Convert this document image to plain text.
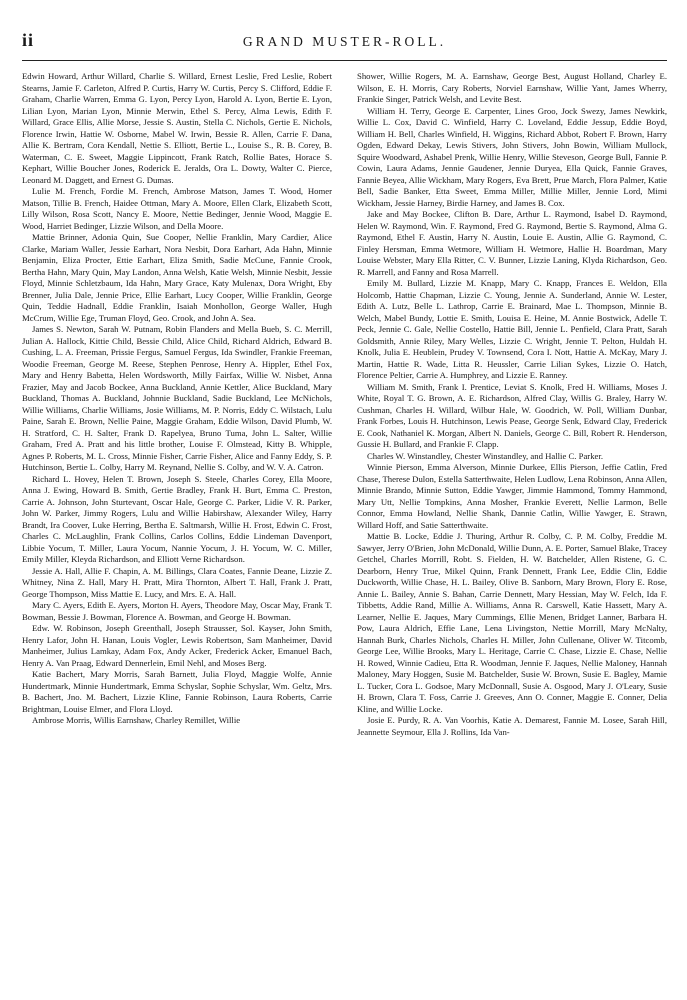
ii	GRAND MUSTER-ROLL.

Edwin Howard, Arthur Willard, Charlie S. Willard, Ernest Leslie, Fred Leslie, Robert Stearns, Jamie F. Carleton, Alfred P. Curtis, Harry W. Curtis, Percy S. Clifford, Eddie F. Graham, Charlie Warren, Emma G. Lyon, Percy Lyon, Harold A. Lyon, Bertie E. Lyon, Lilian Lyon, Marian Lyon, Minnie Merwin, Ethel S. Percy, Alma Lewis, Edith F. Willard, Grace Ellis, Allie Morse, Jessie S. Austin, Stella C. Nichols, Gertie E. Nichols, Florence Irwin, Hattie W. Osborne, Mabel W. Irwin, Bessie R. Allen, Carrie F. Dana, Allie K. Bertram, Cora Kendall, Nettie S. Elliott, Bertie L., Louise S., R. B. Corey, B. Waterman, C. E. Sweet, Maggie Lippincott, Frank Ratch, Rollie Bates, Horace S. Kephart, Willie Boucher Jones, Roderick E. Jeralds, Ora L. Dowty, Walter C. Pierce, Leonard M. Daggett, and Ernest G. Dumas.

Lulie M. French, Fordie M. French, Ambrose Matson, James T. Wood, Homer Matson, Tillie B. French, Haidee Ottman, Mary A. Moore, Ellen Clark, Elizabeth Scott, Lilly Wilson, Rosa Scott, Nancy E. Moore, Nettie Bedinger, Jennie Wood, Maggie E. Wood, Harriet Bedinger, Lizzie Wilson, and Della Moore.

Mattie Brinner, Adonia Quin, Sue Cooper, Nellie Franklin, Mary Cardier, Alice Clarke, Mariam Waller, Jessie Earhart, Nora Nesbit, Dora Earhart, Ada Hahn, Minnie Benjamin, Eliza Procter, Ettie Earhart, Eliza Smith, Sadie McCune, Fannie Crook, Bertha Hahn, Mary Quin, May Landon, Anna Welsh, Katie Welsh, Minnie Nesbit, Jessie Floyd, Minnie Schletzbaum, Ida Hahn, Mary Grace, Katy Mulenax, Dora Wright, Eby Brenner, Julia Dale, Jennie Price, Ellie Earhart, Lucy Cooper, Willie Franklin, George Quin, Teddie Hadnall, Eddie Franklin, Isaiah Monhollon, George Waller, Hugh McCrum, Willie Ege, Truman Floyd, Geo. Crook, and John A. Sea.

James S. Newton, Sarah W. Putnam, Robin Flanders and Mella Bueb, S. C. Merrill, Julian A. Hallock, Kittie Child, Bessie Child, Alice Child, Richard Aldrich, Edward B. Cushing, L. A. Freeman, Prissie Fergus, Samuel Fergus, Ida Swindler, Frankie Freeman, Woodie Freeman, George M. Reese, Stephen Penrose, Henry A. Hippler, Ethel Fox, Mary and Henry Babetta, Helen Wordsworth, Milly Fairfax, Willie W. Nisbet, Anna Frazier, May and Jacob Bockee, Anna Buckland, Annie Kettler, Alice Buckland, Mary Buckland, Thomas A. Buckland, Johnnie Buckland, Sadie Buckland, Lee McNichols, Willie Williams, Charlie Williams, Josie Williams, M. P. Norris, Eddy C. Wilstach, Lulu Paine, Sarah E. Brown, Nellie Paine, Maggie Graham, Eddie Wilson, David Plumb, W. H. Stratford, C. H. Salter, Frank D. Rapelyea, Bruno Tuma, John L. Salter, Willie Graham, Fred A. Pratt and his little brother, Louise F. Olmstead, Kitty B. Whipple, Agnes P. Roberts, M. L. Cross, Minnie Fisher, Carrie Fisher, Alice and Fanny Eddy, S. P. Hutchinson, Bertie L. Colby, Harry M. Reynand, Nellie S. Colby, and W. V. A. Catron.

Richard L. Hovey, Helen T. Brown, Joseph S. Steele, Charles Corey, Ella Moore, Anna J. Ewing, Howard B. Smith, Gertie Bradley, Frank H. Burt, Emma C. Preston, Carrie A. Johnson, John Sturtevant, Oscar Hale, George C. Parker, Lidie V. R. Parker, John W. Parker, Jimmy Rogers, Lulu and Willie Habirshaw, Alexander Wiley, Harry Brandt, Ira Coover, Luke Herring, Bertha E. Saltmarsh, Willie H. Frost, Edwin C. Frost, Charles C. McLaughlin, Frank Collins, Carlos Collins, Eddie Lindeman Davenport, Libbie Yocum, T. Miller, Laura Yocum, Nannie Yocum, J. H. Yocum, W. C. Miller, Emily Miller, Kleyda Richardson, and Elliott Verne Richardson.

Jessie A. Hall, Allie F. Chapin, A. M. Billings, Clara Coates, Fannie Deane, Lizzie Z. Whitney, Nina Z. Hall, Mary H. Pratt, Mira Thornton, Albert T. Hall, Frank J. Pratt, George Thompson, Miss Mattie E. Lucy, and Mrs. E. A. Hall.

Mary C. Ayers, Edith E. Ayers, Morton H. Ayers, Theodore May, Oscar May, Frank T. Bowman, Bessie J. Bowman, Florence A. Bowman, and George H. Bowman.

Edw. W. Robinson, Joseph Greenthall, Joseph Strausser, Sol. Kayser, John Smith, Henry Lafor, John H. Hanan, Louis Vogler, Lewis Robertson, Sam Manheimer, David Manheimer, Julius Lamkay, Adam Fox, Andy Acker, Frederick Acker, Emanuel Bach, Henry A. Van Praag, Edward Dennerlein, Emil Nehl, and Moses Berg.

Katie Bachert, Mary Morris, Sarah Barnett, Julia Floyd, Maggie Wolfe, Annie Hundertmark, Minnie Hundertmark, Emma Schyslar, Sophie Schyslar, Wm. Geltz, Mrs. B. Bachert, Jno. M. Bachert, Lizzie Kline, Fannie Robinson, Laura Roberts, Carrie Brightman, Louise Elmer, and Flora Lloyd.

Ambrose Morris, Willis Earnshaw, Charley Remillet, Willie

Shower, Willie Rogers, M. A. Earnshaw, George Best, August Holland, Charley E. Wilson, E. H. Morris, Cary Roberts, Norviel Earnshaw, Willie Yant, James Wherry, Frankie Singer, Patrick Welsh, and Levite Best.

William H. Terry, George E. Carpenter, Lines Groo, Jock Swezy, James Newkirk, Willie L. Cox, David C. Winfield, Harry C. Loveland, Eddie Jessup, Eddie Boyd, William H. Bell, Charles Winfield, H. Wiggins, Richard Abbot, Robert F. Brown, Harry Ogden, Edward Dekay, Lewis Stivers, John Stivers, John Bowin, William Mullock, Squire Woodward, Ashabel Prenk, Willie Henry, Willie Steveson, George Bull, Fannie P. Cowin, Laura Adams, Jennie Gaudener, Jennie Duryea, Ella Quick, Fannie Graves, Fannie Beyea, Allie Wickham, Mary Rogers, Eva Brett, Prue March, Flora Palmer, Katie Bell, Sadie Banker, Etta Sweet, Emma Miller, Millie Miller, Jennie Lord, Mimi Wickham, Jessie Harney, Birdie Harney, and James B. Cox.

Jake and May Bockee, Clifton B. Dare, Arthur L. Raymond, Isabel D. Raymond, Helen W. Raymond, Win. F. Raymond, Fred G. Raymond, Bertie S. Raymond, Alma G. Raymond, Ethel F. Austin, Harry N. Austin, Louie E. Austin, Allie G. Raymond, C. Finley Hersman, Emma Wetmore, William H. Wetmore, Hallie H. Boardman, Mary Louise Webster, Mary Ella Ritter, C. V. Bunner, Lizzie Laning, Klyda Richardson, Geo. R. Marrell, and Fanny and Rosa Marrell.

Emily M. Bullard, Lizzie M. Knapp, Mary C. Knapp, Frances E. Weldon, Ella Holcomb, Hattie Chapman, Lizzie C. Young, Jennie A. Sunderland, Annie W. Lester, Edith A. Lutz, Belle L. Lathrop, Carrie E. Brainard, Mae L. Thompson, Minnie B. Welch, Mabel Bundy, Lottie E. Smith, Louisa E. Heine, M. Annie Bostwick, Adelle T. Peck, Jennie C. Gale, Nellie Costello, Hattie Bill, Jennie L. Penfield, Clara Pratt, Sarah Goldsmith, Annie Riley, Mary Welles, Lizzie C. Wright, Jennie T. Pelton, Huldah H. Knolk, Julia E. Heublein, Prudey V. Townsend, Cora I. Nott, Hattie A. McKay, Mary J. Martin, Hattie R. Wade, Litta R. Heussler, Carrie Lilian Sykes, Lizzie O. Hatch, Florence Peltier, Carrie A. Humphrey, and Lizzie E. Ranney.

William M. Smith, Frank I. Prentice, Leviat S. Knolk, Fred H. Williams, Moses J. White, Royal T. G. Brown, A. E. Richardson, Alfred Clay, Willis G. Braley, Harry W. Cushman, Charles H. Willard, Wilbur Hale, W. Goodrich, W. Poll, William Dunbar, Frank Forbes, Louis H. Hutchinson, Lewis Pease, George Senk, Edward Clay, Frederick E. Cook, Nathaniel K. Morgan, Albert N. Daniels, George C. Bill, Robert R. Henderson, Gussie H. Bullard, and Frankie F. Clapp.

Charles W. Winstandley, Chester Winstandley, and Hallie C. Parker.

Winnie Pierson, Emma Alverson, Minnie Durkee, Ellis Pierson, Jeffie Catlin, Fred Chase, Therese Dulon, Estella Satterthwaite, Helen Ludlow, Lena Robinson, Anna Allen, Minnie Brando, Minnie Sutton, Eddie Yawger, Jimmie Hammond, Tommy Hammond, Mary Utt, Nellie Tompkins, Anna Mosher, Frankie Everett, Nellie Larmon, Belle Connor, Emma Howland, Nellie Shank, Dannie Catlin, Willie Yawger, E. Strawn, Willard Hoff, and Satie Satterthwaite.

Mattie B. Locke, Eddie J. Thuring, Arthur R. Colby, C. P. M. Colby, Freddie M. Sawyer, Jerry O'Brien, John McDonald, Willie Dunn, A. E. Porter, Samuel Blake, Tracey Getchel, Charles Morrill, Robt. S. Fielden, H. W. Batchelder, Allen Ristene, G. C. Dearborn, Henry True, Mikel Quinn, Frank Dennett, Frank Lee, Eddie Clin, Eddie Duckworth, Willie Chase, H. L. Bailey, Olive B. Sanborn, Mary Brown, Flory E. Rose, Annie L. Bailey, Annie S. Bahan, Carrie Dennett, Mary Hessian, May W. Felch, Ida F. Tibbetts, Addie Rand, Millie A. Williams, Anna R. Carswell, Katie Hassett, Mary A. Learner, Nellie E. Jaques, Mary Cummings, Ellie Menen, Bridget Lanner, Barbara H. Pow, Laura Aldrich, Effie Lane, Lena Livingston, Nettie Morrill, Mary McNalty, Hannah Burk, Charles Nichols, Charles H. Miller, John Cullenane, Oliver W. Titcomb, George Lee, Willie Brooks, Mary L. Heritage, Carrie C. Chase, Lizzie E. Chase, Nellie H. Rowed, Winnie Cadieu, Etta R. Woodman, Jennie F. Jaques, Nellie Maloney, Hannah Maloney, Mary Hoggen, Susie M. Batchelder, Susie W. Brown, Susie E. Bagley, Mamie L. Tucker, Cora L. Godsoe, Mary McDonnall, Susie A. Osgood, Mary J. O'Leary, Susie H. Brown, Clara T. Foss, Carrie J. Greeves, Ann O. Conner, Maggie E. Conner, Delia Kline, and Willie Locke.

Josie E. Purdy, R. A. Van Voorhis, Katie A. Demarest, Fannie M. Losee, Sarah Hill, Jeannette Seymour, Ella J. Rollins, Ida Van-
